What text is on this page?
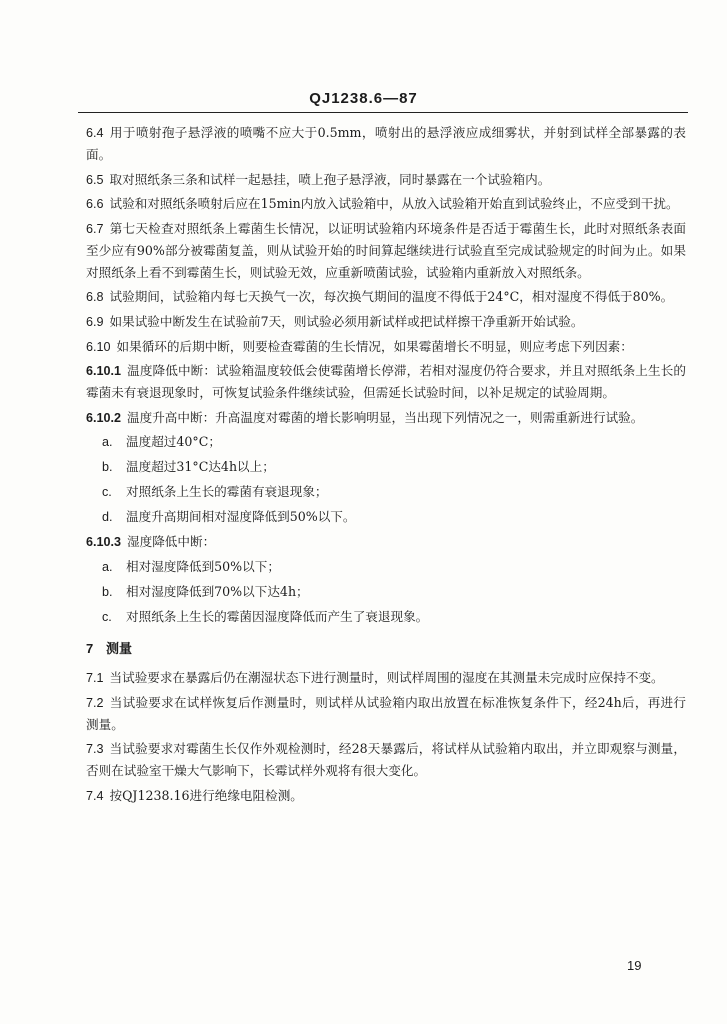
QJ1238.6—87

6.4 用于喷射孢子悬浮液的喷嘴不应大于0.5mm，喷射出的悬浮液应成细雾状，并射到试样全部暴露的表面。

6.5 取对照纸条三条和试样一起悬挂，喷上孢子悬浮液，同时暴露在一个试验箱内。

6.6 试验和对照纸条喷射后应在15min内放入试验箱中，从放入试验箱开始直到试验终止，不应受到干扰。

6.7 第七天检查对照纸条上霉菌生长情况，以证明试验箱内环境条件是否适于霉菌生长，此时对照纸条表面至少应有90%部分被霉菌复盖，则从试验开始的时间算起继续进行试验直至完成试验规定的时间为止。如果对照纸条上看不到霉菌生长，则试验无效，应重新喷菌试验，试验箱内重新放入对照纸条。

6.8 试验期间，试验箱内每七天换气一次，每次换气期间的温度不得低于24°C，相对湿度不得低于80%。

6.9 如果试验中断发生在试验前7天，则试验必须用新试样或把试样擦干净重新开始试验。

6.10 如果循环的后期中断，则要检查霉菌的生长情况，如果霉菌增长不明显，则应考虑下列因素：

6.10.1 温度降低中断：试验箱温度较低会使霉菌增长停滞，若相对湿度仍符合要求，并且对照纸条上生长的霉菌未有衰退现象时，可恢复试验条件继续试验，但需延长试验时间，以补足规定的试验周期。

6.10.2 温度升高中断：升高温度对霉菌的增长影响明显，当出现下列情况之一，则需重新进行试验。

a. 温度超过40°C；
b. 温度超过31°C达4h以上；
c. 对照纸条上生长的霉菌有衰退现象；
d. 温度升高期间相对湿度降低到50%以下。

6.10.3 湿度降低中断：

a. 相对湿度降低到50%以下；
b. 相对湿度降低到70%以下达4h；
c. 对照纸条上生长的霉菌因湿度降低而产生了衰退现象。
7 测量

7.1 当试验要求在暴露后仍在潮湿状态下进行测量时，则试样周围的湿度在其测量未完成时应保持不变。

7.2 当试验要求在试样恢复后作测量时，则试样从试验箱内取出放置在标准恢复条件下，经24h后，再进行测量。

7.3 当试验要求对霉菌生长仅作外观检测时，经28天暴露后，将试样从试验箱内取出，并立即观察与测量，否则在试验室干燥大气影响下，长霉试样外观将有很大变化。

7.4 按QJ1238.16进行绝缘电阻检测。

19
